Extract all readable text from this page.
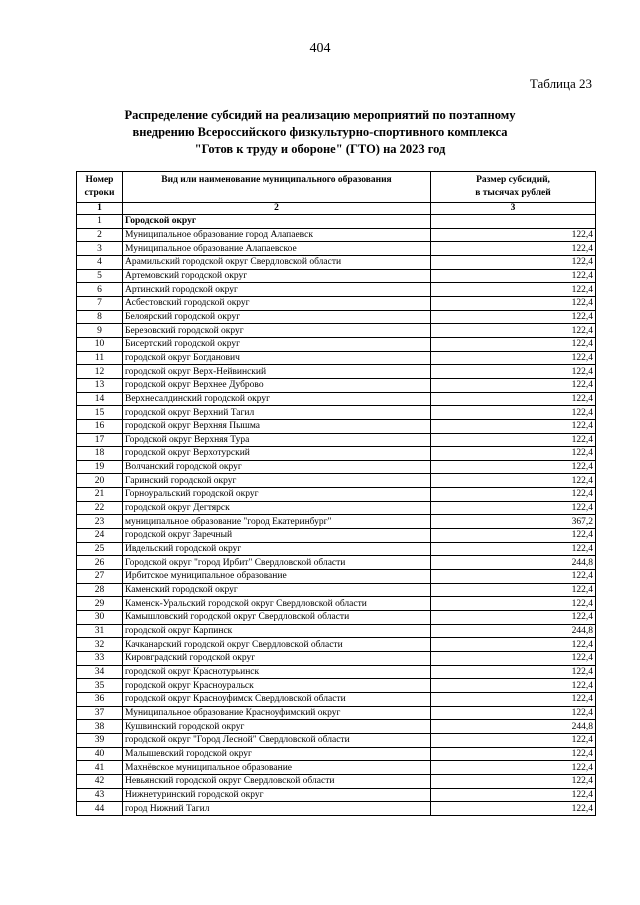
404
Таблица 23
Распределение субсидий на реализацию мероприятий по поэтапному
внедрению Всероссийского физкультурно-спортивного комплекса
"Готов к труду и обороне" (ГТО) на 2023 год
Номер
строки	Вид или наименование муниципального образования	Размер субсидий,
в тысячах рублей
1	2	3
1	Городской округ	
2	Муниципальное образование город Алапаевск	122,4
3	Муниципальное образование Алапаевское	122,4
4	Арамильский городской округ Свердловской области	122,4
5	Артемовский городской округ	122,4
6	Артинский городской округ	122,4
7	Асбестовский городской округ	122,4
8	Белоярский городской округ	122,4
9	Березовский городской округ	122,4
10	Бисертский городской округ	122,4
11	городской округ Богданович	122,4
12	городской округ Верх-Нейвинский	122,4
13	городской округ Верхнее Дуброво	122,4
14	Верхнесалдинский городской округ	122,4
15	городской округ Верхний Тагил	122,4
16	городской округ Верхняя Пышма	122,4
17	Городской округ Верхняя Тура	122,4
18	городской округ Верхотурский	122,4
19	Волчанский городской округ	122,4
20	Гаринский городской округ	122,4
21	Горноуральский городской округ	122,4
22	городской округ Дегтярск	122,4
23	муниципальное образование "город Екатеринбург"	367,2
24	городской округ Заречный	122,4
25	Ивдельский городской округ	122,4
26	Городской округ "город Ирбит" Свердловской области	244,8
27	Ирбитское муниципальное образование	122,4
28	Каменский городской округ	122,4
29	Каменск-Уральский городской округ Свердловской области	122,4
30	Камышловский городской округ Свердловской области	122,4
31	городской округ Карпинск	244,8
32	Качканарский городской округ Свердловской области	122,4
33	Кировградский городской округ	122,4
34	городской округ Краснотурьинск	122,4
35	городской округ Красноуральск	122,4
36	городской округ Красноуфимск Свердловской области	122,4
37	Муниципальное образование Красноуфимский округ	122,4
38	Кушвинский городской округ	244,8
39	городской округ "Город Лесной" Свердловской области	122,4
40	Малышевский городской округ	122,4
41	Махнёвское муниципальное образование	122,4
42	Невьянский городской округ Свердловской области	122,4
43	Нижнетуринский городской округ	122,4
44	город Нижний Тагил	122,4
